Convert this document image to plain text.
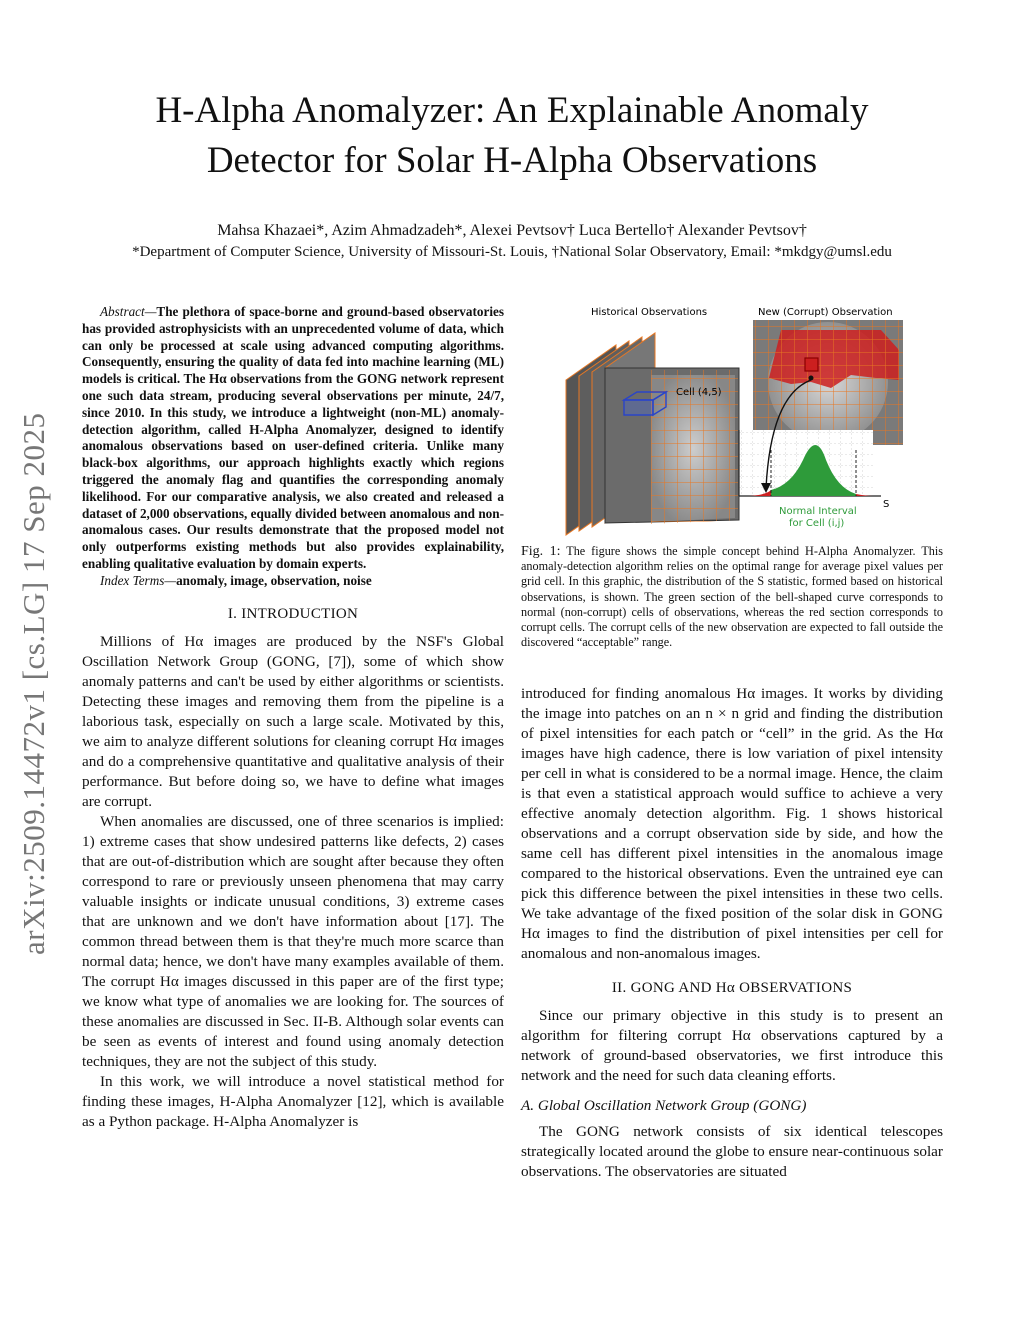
H-Alpha Anomalyzer: An Explainable Anomaly
Detector for Solar H-Alpha Observations
Mahsa Khazaei*, Azim Ahmadzadeh*, Alexei Pevtsov† Luca Bertello† Alexander Pevtsov†
*Department of Computer Science, University of Missouri-St. Louis, †National Solar Observatory, Email: *mkdgy@umsl.edu
arXiv:2509.14472v1 [cs.LG] 17 Sep 2025

Abstract—The plethora of space-borne and ground-based observatories has provided astrophysicists with an unprecedented volume of data, which can only be processed at scale using advanced computing algorithms. Consequently, ensuring the quality of data fed into machine learning (ML) models is critical. The Hα observations from the GONG network represent one such data stream, producing several observations per minute, 24/7, since 2010. In this study, we introduce a lightweight (non-ML) anomaly-detection algorithm, called H-Alpha Anomalyzer, designed to identify anomalous observations based on user-defined criteria. Unlike many black-box algorithms, our approach highlights exactly which regions triggered the anomaly flag and quantifies the corresponding anomaly likelihood. For our comparative analysis, we also created and released a dataset of 2,000 observations, equally divided between anomalous and non-anomalous cases. Our results demonstrate that the proposed model not only outperforms existing methods but also provides explainability, enabling qualitative evaluation by domain experts.

Index Terms—anomaly, image, observation, noise

I. INTRODUCTION

Millions of Hα images are produced by the NSF's Global Oscillation Network Group (GONG, [7]), some of which show anomaly patterns and can't be used by either algorithms or scientists. Detecting these images and removing them from the pipeline is a laborious task, especially on such a large scale. Motivated by this, we aim to analyze different solutions for cleaning corrupt Hα images and do a comprehensive quantitative and qualitative analysis of their performance. But before doing so, we have to define what images are corrupt.

When anomalies are discussed, one of three scenarios is implied: 1) extreme cases that show undesired patterns like defects, 2) cases that are out-of-distribution which are sought after because they often correspond to rare or previously unseen phenomena that may carry valuable insights or indicate unusual conditions, 3) extreme cases that are unknown and we don't have information about [17]. The common thread between them is that they're much more scarce than normal data; hence, we don't have many examples available of them. The corrupt Hα images discussed in this paper are of the first type; we know what type of anomalies we are looking for. The sources of these anomalies are discussed in Sec. II-B. Although solar events can be seen as events of interest and found using anomaly detection techniques, they are not the subject of this study.

In this work, we will introduce a novel statistical method for finding these images, H-Alpha Anomalyzer [12], which is available as a Python package. H-Alpha Anomalyzer is

Historical Observations	New (Corrupt) Observation
Cell (4,5)
S
Normal Interval
for Cell (i,j)
Fig. 1: The figure shows the simple concept behind H-Alpha Anomalyzer. This anomaly-detection algorithm relies on the optimal range for average pixel values per grid cell. In this graphic, the distribution of the S statistic, formed based on historical observations, is shown. The green section of the bell-shaped curve corresponds to normal (non-corrupt) cells of observations, whereas the red section corresponds to corrupt cells. The corrupt cells of the new observation are expected to fall outside the discovered “acceptable” range.

introduced for finding anomalous Hα images. It works by dividing the image into patches on an n × n grid and finding the distribution of pixel intensities for each patch or “cell” in the grid. As the Hα images have high cadence, there is low variation of pixel intensity per cell in what is considered to be a normal image. Hence, the claim is that even a statistical approach would suffice to achieve a very effective anomaly detection algorithm. Fig. 1 shows historical observations and a corrupt observation side by side, and how the same cell has different pixel intensities in the anomalous image compared to the historical observations. Even the untrained eye can pick this difference between the pixel intensities in these two cells. We take advantage of the fixed position of the solar disk in GONG Hα images to find the distribution of pixel intensities per cell for anomalous and non-anomalous images.

II. GONG AND Hα OBSERVATIONS

Since our primary objective in this study is to present an algorithm for filtering corrupt Hα observations captured by a network of ground-based observatories, we first introduce this network and the need for such data cleaning efforts.

A. Global Oscillation Network Group (GONG)

The GONG network consists of six identical telescopes strategically located around the globe to ensure near-continuous solar observations. The observatories are situated
